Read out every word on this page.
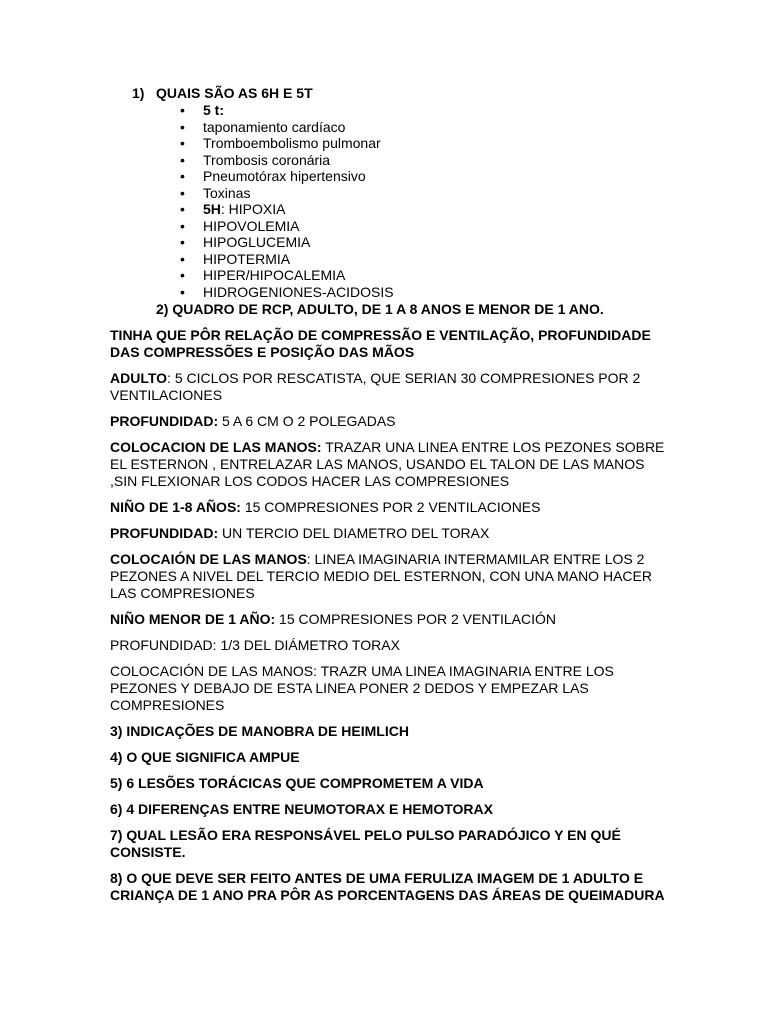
1) QUAIS SÃO AS 6H E 5T
• 5 t:
• taponamiento cardíaco
• Tromboembolismo pulmonar
• Trombosis coronária
• Pneumotórax hipertensivo
• Toxinas
• 5H: HIPOXIA
• HIPOVOLEMIA
• HIPOGLUCEMIA
• HIPOTERMIA
• HIPER/HIPOCALEMIA
• HIDROGENIONES-ACIDOSIS
2) QUADRO DE RCP, ADULTO, DE 1 A 8 ANOS E MENOR DE 1 ANO.

TINHA QUE PÔR RELAÇÃO DE COMPRESSÃO E VENTILAÇÃO, PROFUNDIDADE DAS COMPRESSÕES E POSIÇÃO DAS MÃOS

ADULTO: 5 CICLOS POR RESCATISTA, QUE SERIAN 30 COMPRESIONES POR 2 VENTILACIONES

PROFUNDIDAD: 5 A 6 CM O 2 POLEGADAS

COLOCACION DE LAS MANOS: TRAZAR UNA LINEA ENTRE LOS PEZONES SOBRE EL ESTERNON , ENTRELAZAR LAS MANOS, USANDO EL TALON DE LAS MANOS ,SIN FLEXIONAR LOS CODOS HACER LAS COMPRESIONES

NIÑO DE 1-8 AÑOS: 15 COMPRESIONES POR 2 VENTILACIONES

PROFUNDIDAD: UN TERCIO DEL DIAMETRO DEL TORAX

COLOCAIÓN DE LAS MANOS: LINEA IMAGINARIA INTERMAMILAR ENTRE LOS 2 PEZONES A NIVEL DEL TERCIO MEDIO DEL ESTERNON, CON UNA MANO HACER LAS COMPRESIONES

NIÑO MENOR DE 1 AÑO: 15 COMPRESIONES POR 2 VENTILACIÓN

PROFUNDIDAD: 1/3 DEL DIÁMETRO TORAX

COLOCACIÓN DE LAS MANOS: TRAZR UMA LINEA IMAGINARIA ENTRE LOS PEZONES Y DEBAJO DE ESTA LINEA PONER 2 DEDOS Y EMPEZAR LAS COMPRESIONES

3) INDICAÇÕES DE MANOBRA DE HEIMLICH

4) O QUE SIGNIFICA AMPUE

5) 6 LESÕES TORÁCICAS QUE COMPROMETEM A VIDA

6) 4 DIFERENÇAS ENTRE NEUMOTORAX E HEMOTORAX

7) QUAL LESÃO ERA RESPONSÁVEL PELO PULSO PARADÓJICO Y EN QUÉ CONSISTE.

8) O QUE DEVE SER FEITO ANTES DE UMA FERULIZA IMAGEM DE 1 ADULTO E CRIANÇA DE 1 ANO PRA PÔR AS PORCENTAGENS DAS ÁREAS DE QUEIMADURA
